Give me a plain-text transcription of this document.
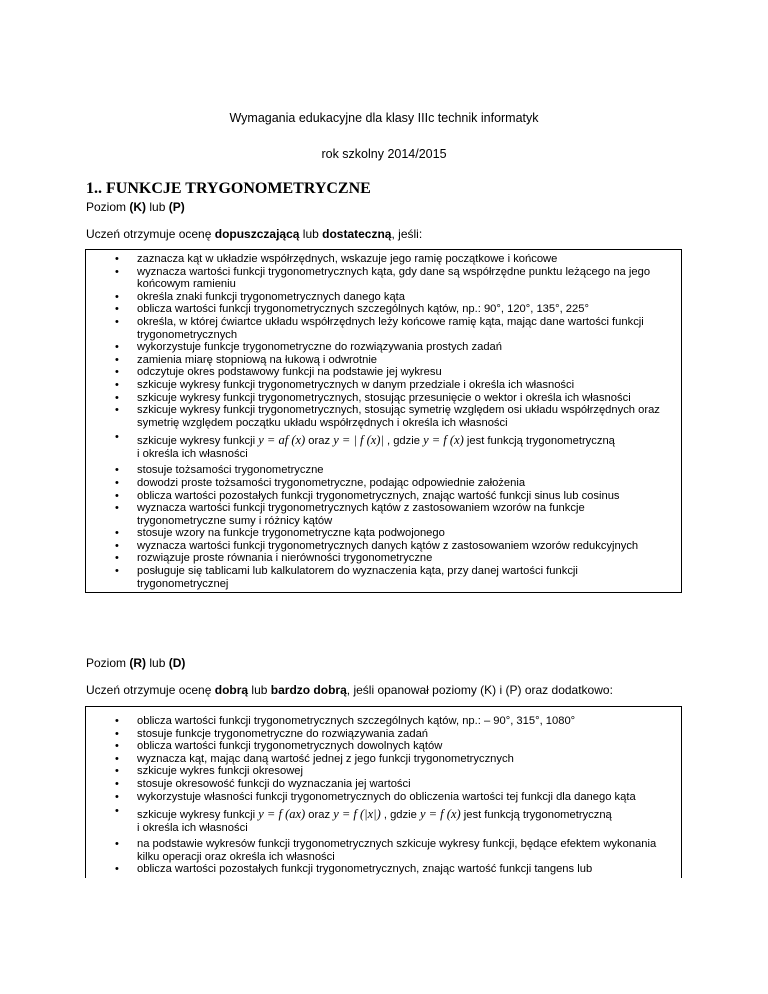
Wymagania edukacyjne dla klasy IIIc technik informatyk
rok szkolny 2014/2015
1.. FUNKCJE TRYGONOMETRYCZNE
Poziom (K) lub (P)
Uczeń otrzymuje ocenę dopuszczającą lub dostateczną, jeśli:
• zaznacza kąt w układzie współrzędnych, wskazuje jego ramię początkowe i końcowe
• wyznacza wartości funkcji trygonometrycznych kąta, gdy dane są współrzędne punktu leżącego na jego końcowym ramieniu
• określa znaki funkcji trygonometrycznych danego kąta
• oblicza wartości funkcji trygonometrycznych szczególnych kątów, np.: 90°, 120°, 135°, 225°
• określa, w której ćwiartce układu współrzędnych leży końcowe ramię kąta, mając dane wartości funkcji trygonometrycznych
• wykorzystuje funkcje trygonometryczne do rozwiązywania prostych zadań
• zamienia miarę stopniową na łukową i odwrotnie
• odczytuje okres podstawowy funkcji na podstawie jej wykresu
• szkicuje wykresy funkcji trygonometrycznych w danym przedziale i określa ich własności
• szkicuje wykresy funkcji trygonometrycznych, stosując przesunięcie o wektor i określa ich własności
• szkicuje wykresy funkcji trygonometrycznych, stosując symetrię względem osi układu współrzędnych oraz symetrię względem początku układu współrzędnych i określa ich własności
• szkicuje wykresy funkcji y = af (x) oraz y = | f (x)| , gdzie y = f (x) jest funkcją trygonometryczną
i określa ich własności
• stosuje tożsamości trygonometryczne
• dowodzi proste tożsamości trygonometryczne, podając odpowiednie założenia
• oblicza wartości pozostałych funkcji trygonometrycznych, znając wartość funkcji sinus lub cosinus
• wyznacza wartości funkcji trygonometrycznych kątów z zastosowaniem wzorów na funkcje trygonometryczne sumy i różnicy kątów
• stosuje wzory na funkcje trygonometryczne kąta podwojonego
• wyznacza wartości funkcji trygonometrycznych danych kątów z zastosowaniem wzorów redukcyjnych
• rozwiązuje proste równania i nierówności trygonometryczne
• posługuje się tablicami lub kalkulatorem do wyznaczenia kąta, przy danej wartości funkcji trygonometrycznej
Poziom (R) lub (D)
Uczeń otrzymuje ocenę dobrą lub bardzo dobrą, jeśli opanował poziomy (K) i (P) oraz dodatkowo:
• oblicza wartości funkcji trygonometrycznych szczególnych kątów, np.: – 90°, 315°, 1080°
• stosuje funkcje trygonometryczne do rozwiązywania zadań
• oblicza wartości funkcji trygonometrycznych dowolnych kątów
• wyznacza kąt, mając daną wartość jednej z jego funkcji trygonometrycznych
• szkicuje wykres funkcji okresowej
• stosuje okresowość funkcji do wyznaczania jej wartości
• wykorzystuje własności funkcji trygonometrycznych do obliczenia wartości tej funkcji dla danego kąta
• szkicuje wykresy funkcji y = f (ax) oraz y = f (|x|) , gdzie y = f (x) jest funkcją trygonometryczną
i określa ich własności
• na podstawie wykresów funkcji trygonometrycznych szkicuje wykresy funkcji, będące efektem wykonania kilku operacji oraz określa ich własności
• oblicza wartości pozostałych funkcji trygonometrycznych, znając wartość funkcji tangens lub
